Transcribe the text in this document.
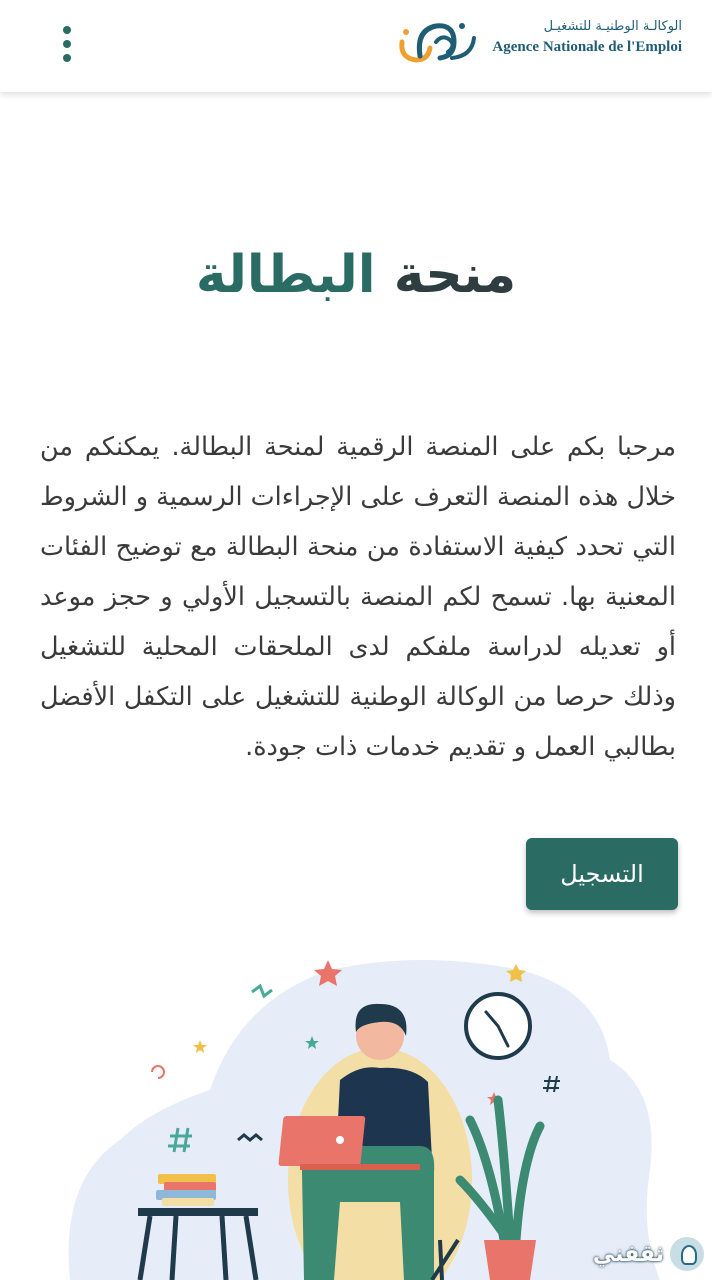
الوكالـة الوطنيـة للتشغيـل
Agence Nationale de l'Emploi
منحة البطالة

مرحبا بكم على المنصة الرقمية لمنحة البطالة. يمكنكم من خلال هذه المنصة التعرف على الإجراءات الرسمية و الشروط التي تحدد كيفية الاستفادة من منحة البطالة مع توضيح الفئات المعنية بها. تسمح لكم المنصة بالتسجيل الأولي و حجز موعد أو تعديله لدراسة ملفكم لدى الملحقات المحلية للتشغيل وذلك حرصا من الوكالة الوطنية للتشغيل على التكفل الأفضل بطالبي العمل و تقديم خدمات ذات جودة.

التسجيل
ثقفني
